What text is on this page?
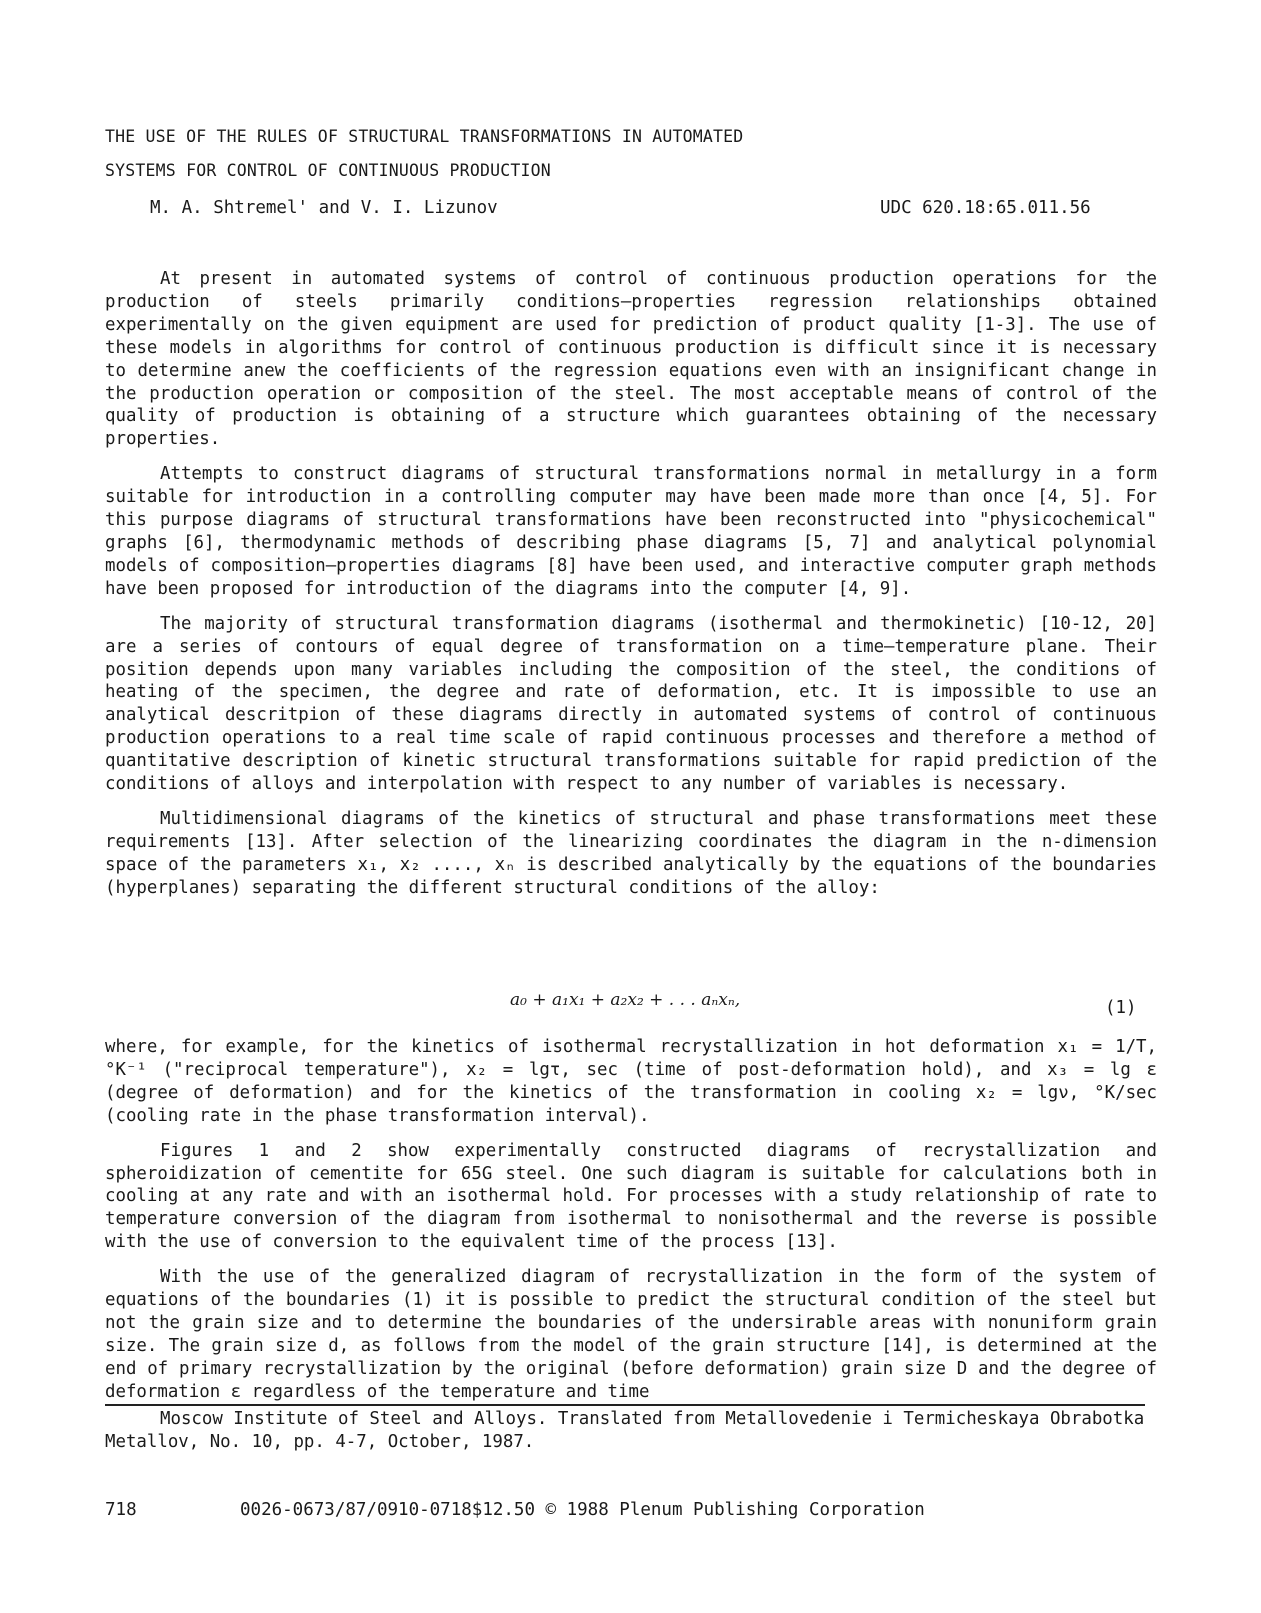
THE USE OF THE RULES OF STRUCTURAL TRANSFORMATIONS IN AUTOMATED
SYSTEMS FOR CONTROL OF CONTINUOUS PRODUCTION
M. A. Shtremel' and V. I. Lizunov	UDC 620.18:65.011.56

At present in automated systems of control of continuous production operations for the production of steels primarily conditions—properties regression relationships obtained experimentally on the given equipment are used for prediction of product quality [1-3]. The use of these models in algorithms for control of continuous production is difficult since it is necessary to determine anew the coefficients of the regression equations even with an insignificant change in the production operation or composition of the steel. The most acceptable means of control of the quality of production is obtaining of a structure which guarantees obtaining of the necessary properties.

Attempts to construct diagrams of structural transformations normal in metallurgy in a form suitable for introduction in a controlling computer may have been made more than once [4, 5]. For this purpose diagrams of structural transformations have been reconstructed into "physicochemical" graphs [6], thermodynamic methods of describing phase diagrams [5, 7] and analytical polynomial models of composition—properties diagrams [8] have been used, and interactive computer graph methods have been proposed for introduction of the diagrams into the computer [4, 9].

The majority of structural transformation diagrams (isothermal and thermokinetic) [10-12, 20] are a series of contours of equal degree of transformation on a time—temperature plane. Their position depends upon many variables including the composition of the steel, the conditions of heating of the specimen, the degree and rate of deformation, etc. It is impossible to use an analytical descritpion of these diagrams directly in automated systems of control of continuous production operations to a real time scale of rapid continuous processes and therefore a method of quantitative description of kinetic structural transformations suitable for rapid prediction of the conditions of alloys and interpolation with respect to any number of variables is necessary.

Multidimensional diagrams of the kinetics of structural and phase transformations meet these requirements [13]. After selection of the linearizing coordinates the diagram in the n-dimension space of the parameters x₁, x₂ ...., xₙ is described analytically by the equations of the boundaries (hyperplanes) separating the different structural conditions of the alloy:

a₀ + a₁x₁ + a₂x₂ + . . . aₙxₙ,	(1)

where, for example, for the kinetics of isothermal recrystallization in hot deformation x₁ = 1/T, °K⁻¹ ("reciprocal temperature"), x₂ = lgτ, sec (time of post-deformation hold), and x₃ = lg ε (degree of deformation) and for the kinetics of the transformation in cooling x₂ = lgν, °K/sec (cooling rate in the phase transformation interval).

Figures 1 and 2 show experimentally constructed diagrams of recrystallization and spheroidization of cementite for 65G steel. One such diagram is suitable for calculations both in cooling at any rate and with an isothermal hold. For processes with a study relationship of rate to temperature conversion of the diagram from isothermal to nonisothermal and the reverse is possible with the use of conversion to the equivalent time of the process [13].

With the use of the generalized diagram of recrystallization in the form of the system of equations of the boundaries (1) it is possible to predict the structural condition of the steel but not the grain size and to determine the boundaries of the undersirable areas with nonuniform grain size. The grain size d, as follows from the model of the grain structure [14], is determined at the end of primary recrystallization by the original (before deformation) grain size D and the degree of deformation ε regardless of the temperature and time

Moscow Institute of Steel and Alloys. Translated from Metallovedenie i Termicheskaya Obrabotka Metallov, No. 10, pp. 4-7, October, 1987.

718	0026-0673/87/0910-0718$12.50 © 1988 Plenum Publishing Corporation
